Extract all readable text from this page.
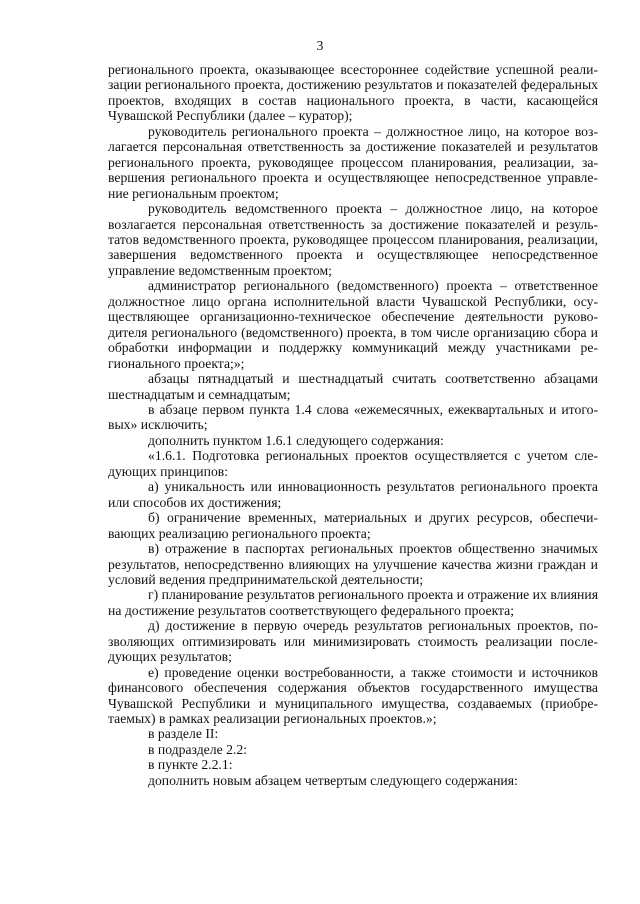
3

регионального проекта, оказывающее всестороннее содействие успешной реализации регионального проекта, достижению результатов и показателей федеральных проектов, входящих в состав национального проекта, в части, касающейся Чувашской Республики (далее – куратор);

руководитель регионального проекта – должностное лицо, на которое возлагается персональная ответственность за достижение показателей и результатов регионального проекта, руководящее процессом планирования, реализации, завершения регионального проекта и осуществляющее непосредственное управление региональным проектом;

руководитель ведомственного проекта – должностное лицо, на которое возлагается персональная ответственность за достижение показателей и результатов ведомственного проекта, руководящее процессом планирования, реализации, завершения ведомственного проекта и осуществляющее непосредственное управление ведомственным проектом;

администратор регионального (ведомственного) проекта – ответственное должностное лицо органа исполнительной власти Чувашской Республики, осуществляющее организационно-техническое обеспечение деятельности руководителя регионального (ведомственного) проекта, в том числе организацию сбора и обработки информации и поддержку коммуникаций между участниками регионального проекта;»;

абзацы пятнадцатый и шестнадцатый считать соответственно абзацами шестнадцатым и семнадцатым;

в абзаце первом пункта 1.4 слова «ежемесячных, ежеквартальных и итоговых» исключить;

дополнить пунктом 1.6.1 следующего содержания:

«1.6.1. Подготовка региональных проектов осуществляется с учетом следующих принципов:

а) уникальность или инновационность результатов регионального проекта или способов их достижения;

б) ограничение временных, материальных и других ресурсов, обеспечивающих реализацию регионального проекта;

в) отражение в паспортах региональных проектов общественно значимых результатов, непосредственно влияющих на улучшение качества жизни граждан и условий ведения предпринимательской деятельности;

г) планирование результатов регионального проекта и отражение их влияния на достижение результатов соответствующего федерального проекта;

д) достижение в первую очередь результатов региональных проектов, позволяющих оптимизировать или минимизировать стоимость реализации последующих результатов;

е) проведение оценки востребованности, а также стоимости и источников финансового обеспечения содержания объектов государственного имущества Чувашской Республики и муниципального имущества, создаваемых (приобретаемых) в рамках реализации региональных проектов.»;

в разделе II:

в подразделе 2.2:

в пункте 2.2.1:

дополнить новым абзацем четвертым следующего содержания:
